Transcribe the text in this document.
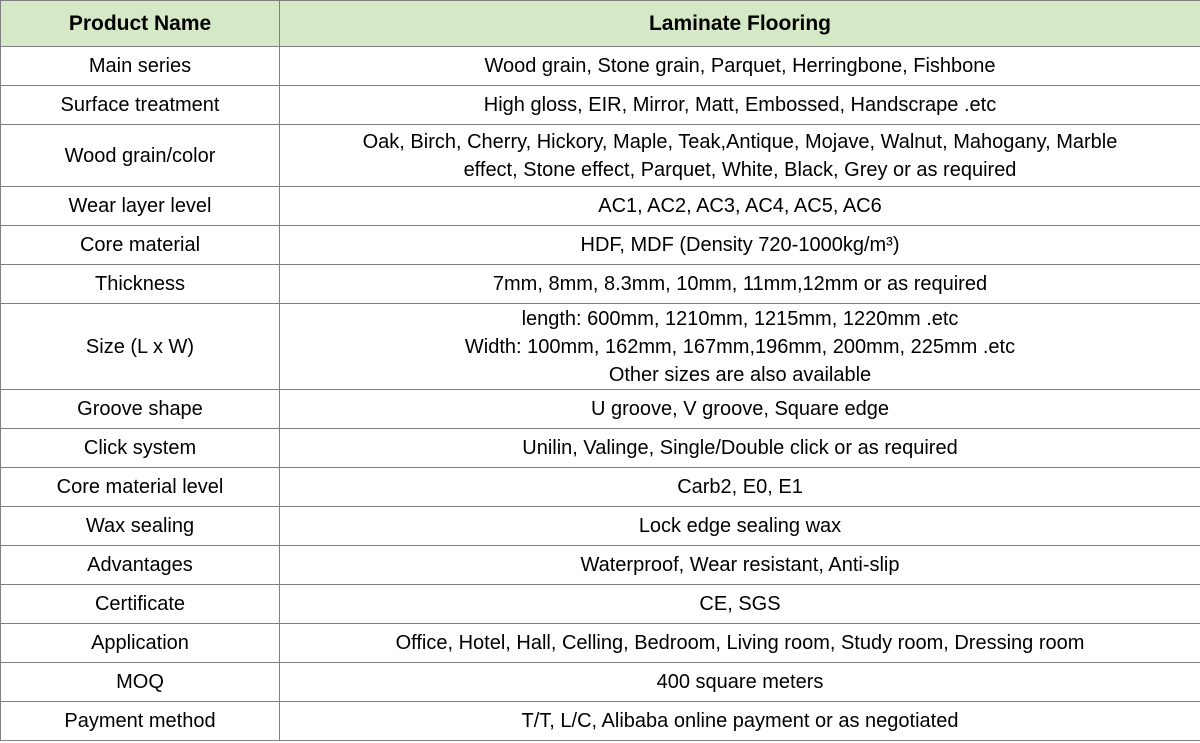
Product Name	Laminate Flooring
Main series	Wood grain, Stone grain, Parquet, Herringbone, Fishbone

Surface treatment	High gloss, EIR, Mirror, Matt, Embossed, Handscrape .etc

Wood grain/color	Oak, Birch, Cherry, Hickory, Maple, Teak,Antique, Mojave, Walnut, Mahogany, Marble
effect, Stone effect, Parquet, White, Black, Grey or as required

Wear layer level	AC1, AC2, AC3, AC4, AC5, AC6

Core material	HDF, MDF (Density 720-1000kg/m³)

Thickness	7mm, 8mm, 8.3mm, 10mm, 11mm,12mm or as required

Size (L x W)	length: 600mm, 1210mm, 1215mm, 1220mm .etc
Width: 100mm, 162mm, 167mm,196mm, 200mm, 225mm .etc
Other sizes are also available

Groove shape	U groove, V groove, Square edge

Click system	Unilin, Valinge, Single/Double click or as required

Core material level	Carb2, E0, E1

Wax sealing	Lock edge sealing wax

Advantages	Waterproof, Wear resistant, Anti-slip

Certificate	CE, SGS

Application	Office, Hotel, Hall, Celling, Bedroom, Living room, Study room, Dressing room

MOQ	400 square meters

Payment method	T/T, L/C, Alibaba online payment or as negotiated
